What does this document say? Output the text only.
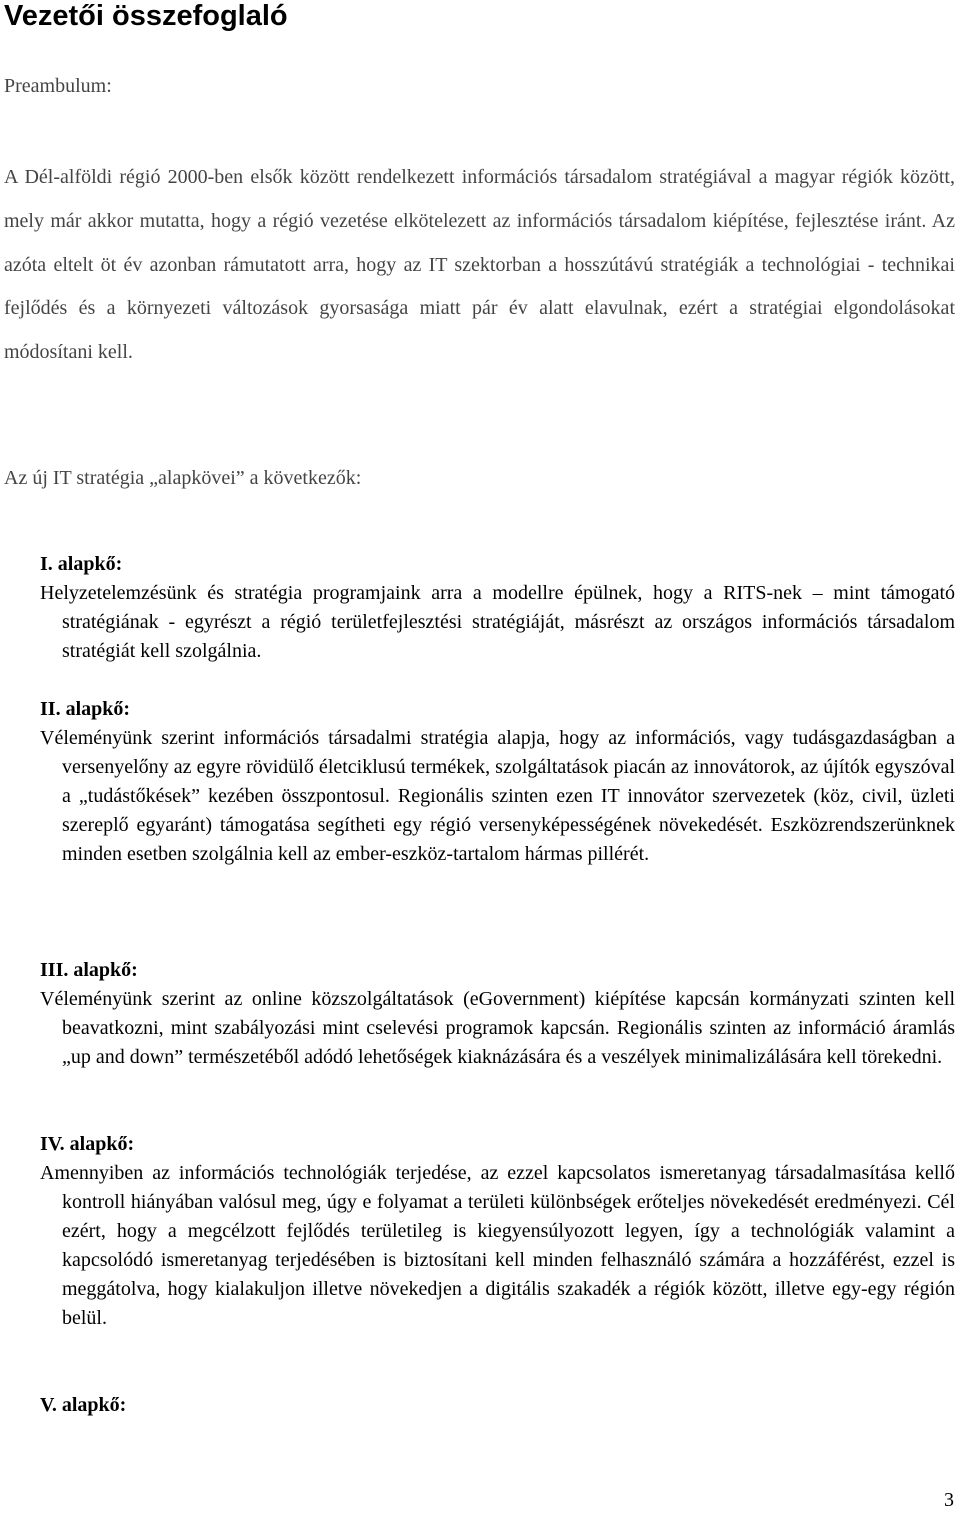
Vezetői összefoglaló

Preambulum:

A Dél-alföldi régió 2000-ben elsők között rendelkezett információs társadalom stratégiával a magyar régiók között, mely már akkor mutatta, hogy a régió vezetése elkötelezett az információs társadalom kiépítése, fejlesztése iránt. Az azóta eltelt öt év azonban rámutatott arra, hogy az IT szektorban a hosszútávú stratégiák a technológiai - technikai fejlődés és a környezeti változások gyorsasága miatt pár év alatt elavulnak, ezért a stratégiai elgondolásokat módosítani kell.

Az új IT stratégia „alapkövei” a következők:

I. alapkő:

Helyzetelemzésünk és stratégia programjaink arra a modellre épülnek, hogy a RITS-nek – mint támogató stratégiának - egyrészt a régió területfejlesztési stratégiáját, másrészt az országos információs társadalom stratégiát kell szolgálnia.

II. alapkő:

Véleményünk szerint információs társadalmi stratégia alapja, hogy az információs, vagy tudásgazdaságban a versenyelőny az egyre rövidülő életciklusú termékek, szolgáltatások piacán az innovátorok, az újítók egyszóval a „tudástőkések” kezében összpontosul. Regionális szinten ezen IT innovátor szervezetek (köz, civil, üzleti szereplő egyaránt) támogatása segítheti egy régió versenyképességének növekedését. Eszközrendszerünknek minden esetben szolgálnia kell az ember-eszköz-tartalom hármas pillérét.

III. alapkő:

Véleményünk szerint az online közszolgáltatások (eGovernment) kiépítése kapcsán kormányzati szinten kell beavatkozni, mint szabályozási mint cselevési programok kapcsán. Regionális szinten az információ áramlás „up and down” természetéből adódó lehetőségek kiaknázására és a veszélyek minimalizálására kell törekedni.

IV. alapkő:

Amennyiben az információs technológiák terjedése, az ezzel kapcsolatos ismeretanyag társadalmasítása kellő kontroll hiányában valósul meg, úgy e folyamat a területi különbségek erőteljes növekedését eredményezi. Cél ezért, hogy a megcélzott fejlődés területileg is kiegyensúlyozott legyen, így a technológiák valamint a kapcsolódó ismeretanyag terjedésében is biztosítani kell minden felhasználó számára a hozzáférést, ezzel is meggátolva, hogy kialakuljon illetve növekedjen a digitális szakadék a régiók között, illetve egy-egy régión belül.

V. alapkő:

3
